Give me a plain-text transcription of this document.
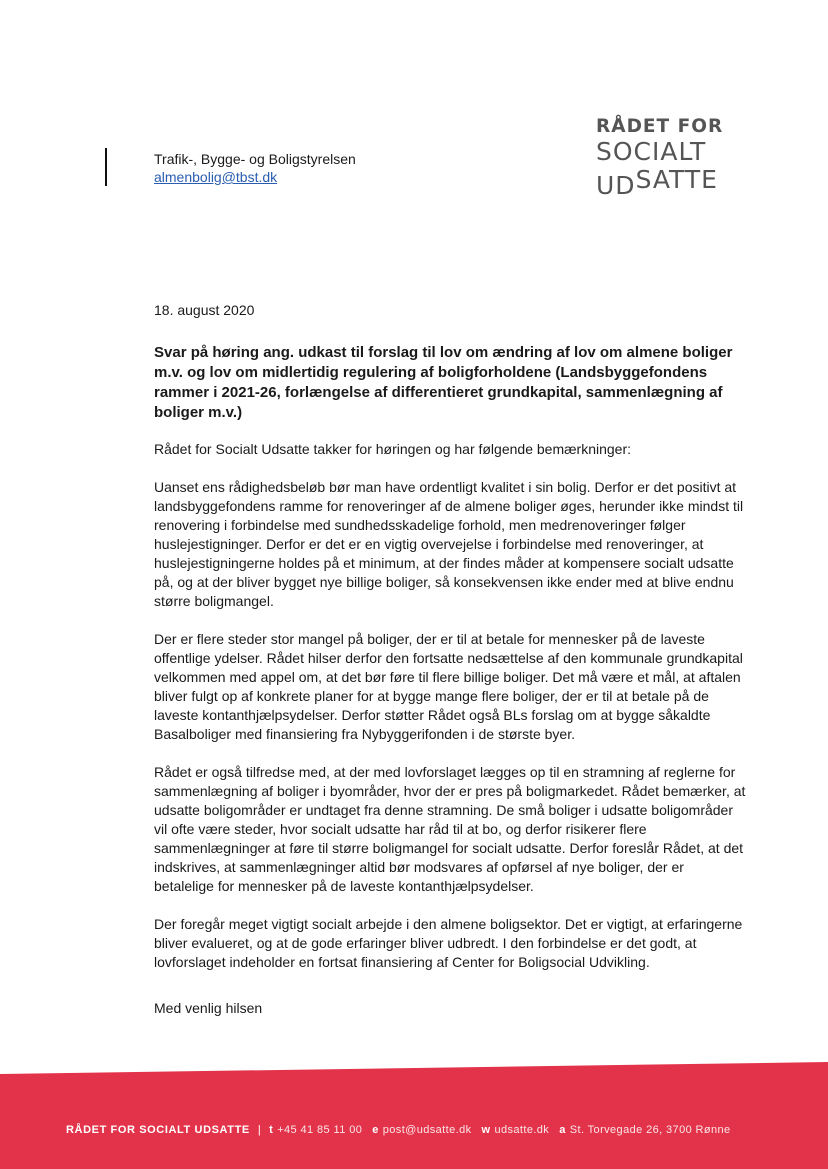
Trafik-, Bygge- og Boligstyrelsen
almenbolig@tbst.dk
RÅDET FOR
SOCIALT
UDSATTE
18. august 2020
Svar på høring ang. udkast til forslag til lov om ændring af lov om almene boliger m.v. og lov om midlertidig regulering af boligforholdene (Landsbyggefondens rammer i 2021-26, forlængelse af differentieret grundkapital, sammenlægning af boliger m.v.)

Rådet for Socialt Udsatte takker for høringen og har følgende bemærkninger:

Uanset ens rådighedsbeløb bør man have ordentligt kvalitet i sin bolig. Derfor er det positivt at landsbyggefondens ramme for renoveringer af de almene boliger øges, herunder ikke mindst til renovering i forbindelse med sundhedsskadelige forhold, men medrenoveringer følger huslejestigninger. Derfor er det er en vigtig overvejelse i forbindelse med renoveringer, at huslejestigningerne holdes på et minimum, at der findes måder at kompensere socialt udsatte på, og at der bliver bygget nye billige boliger, så konsekvensen ikke ender med at blive endnu større boligmangel.

Der er flere steder stor mangel på boliger, der er til at betale for mennesker på de laveste offentlige ydelser. Rådet hilser derfor den fortsatte nedsættelse af den kommunale grundkapital velkommen med appel om, at det bør føre til flere billige boliger. Det må være et mål, at aftalen bliver fulgt op af konkrete planer for at bygge mange flere boliger, der er til at betale på de laveste kontanthjælpsydelser. Derfor støtter Rådet også BLs forslag om at bygge såkaldte Basalboliger med finansiering fra Nybyggerifonden i de største byer.

Rådet er også tilfredse med, at der med lovforslaget lægges op til en stramning af reglerne for sammenlægning af boliger i byområder, hvor der er pres på boligmarkedet. Rådet bemærker, at udsatte boligområder er undtaget fra denne stramning. De små boliger i udsatte boligområder vil ofte være steder, hvor socialt udsatte har råd til at bo, og derfor risikerer flere sammenlægninger at føre til større boligmangel for socialt udsatte. Derfor foreslår Rådet, at det indskrives, at sammenlægninger altid bør modsvares af opførsel af nye boliger, der er betalelige for mennesker på de laveste kontanthjælpsydelser.

Der foregår meget vigtigt socialt arbejde i den almene boligsektor. Det er vigtigt, at erfaringerne bliver evalueret, og at de gode erfaringer bliver udbredt. I den forbindelse er det godt, at lovforslaget indeholder en fortsat finansiering af Center for Boligsocial Udvikling.

Med venlig hilsen
RÅDET FOR SOCIALT UDSATTE | t +45 41 85 11 00 e post@udsatte.dk w udsatte.dk a St. Torvegade 26, 3700 Rønne
